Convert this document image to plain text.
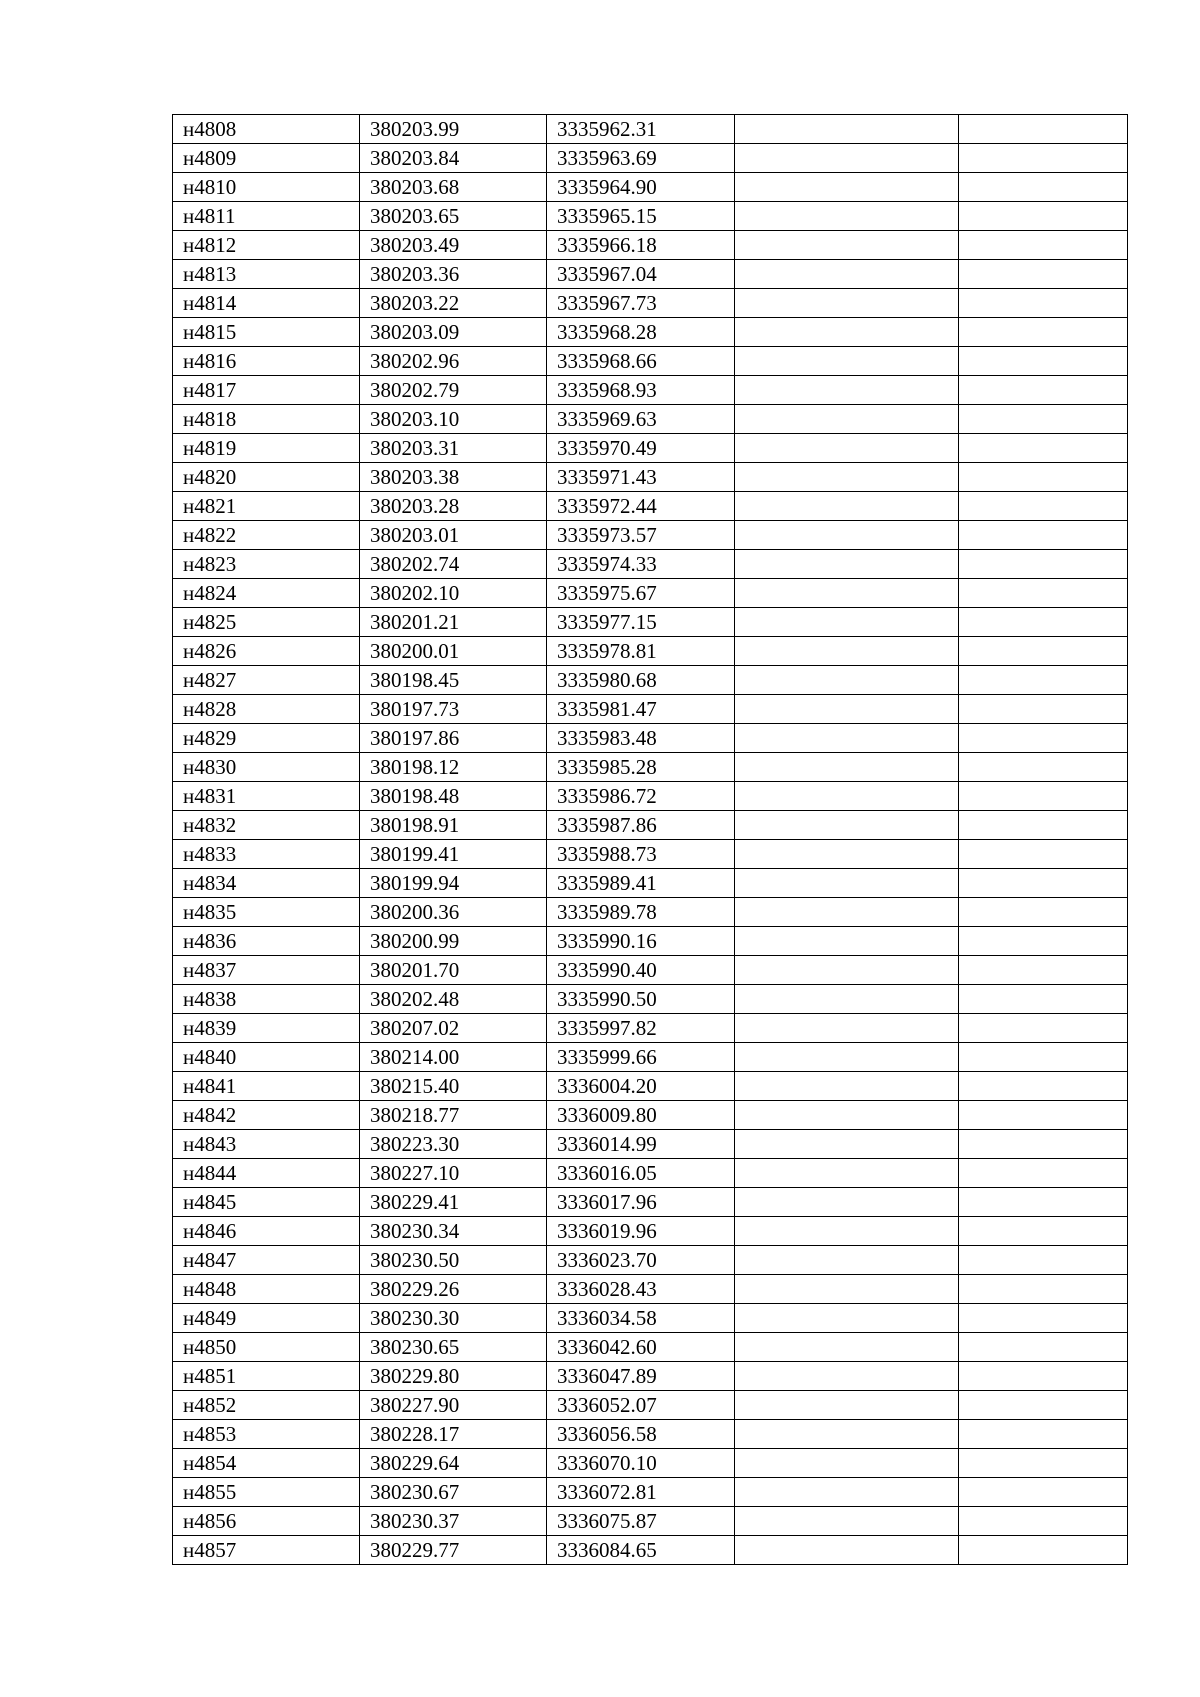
н4808	380203.99	3335962.31		
н4809	380203.84	3335963.69		
н4810	380203.68	3335964.90		
н4811	380203.65	3335965.15		
н4812	380203.49	3335966.18		
н4813	380203.36	3335967.04		
н4814	380203.22	3335967.73		
н4815	380203.09	3335968.28		
н4816	380202.96	3335968.66		
н4817	380202.79	3335968.93		
н4818	380203.10	3335969.63		
н4819	380203.31	3335970.49		
н4820	380203.38	3335971.43		
н4821	380203.28	3335972.44		
н4822	380203.01	3335973.57		
н4823	380202.74	3335974.33		
н4824	380202.10	3335975.67		
н4825	380201.21	3335977.15		
н4826	380200.01	3335978.81		
н4827	380198.45	3335980.68		
н4828	380197.73	3335981.47		
н4829	380197.86	3335983.48		
н4830	380198.12	3335985.28		
н4831	380198.48	3335986.72		
н4832	380198.91	3335987.86		
н4833	380199.41	3335988.73		
н4834	380199.94	3335989.41		
н4835	380200.36	3335989.78		
н4836	380200.99	3335990.16		
н4837	380201.70	3335990.40		
н4838	380202.48	3335990.50		
н4839	380207.02	3335997.82		
н4840	380214.00	3335999.66		
н4841	380215.40	3336004.20		
н4842	380218.77	3336009.80		
н4843	380223.30	3336014.99		
н4844	380227.10	3336016.05		
н4845	380229.41	3336017.96		
н4846	380230.34	3336019.96		
н4847	380230.50	3336023.70		
н4848	380229.26	3336028.43		
н4849	380230.30	3336034.58		
н4850	380230.65	3336042.60		
н4851	380229.80	3336047.89		
н4852	380227.90	3336052.07		
н4853	380228.17	3336056.58		
н4854	380229.64	3336070.10		
н4855	380230.67	3336072.81		
н4856	380230.37	3336075.87		
н4857	380229.77	3336084.65		
